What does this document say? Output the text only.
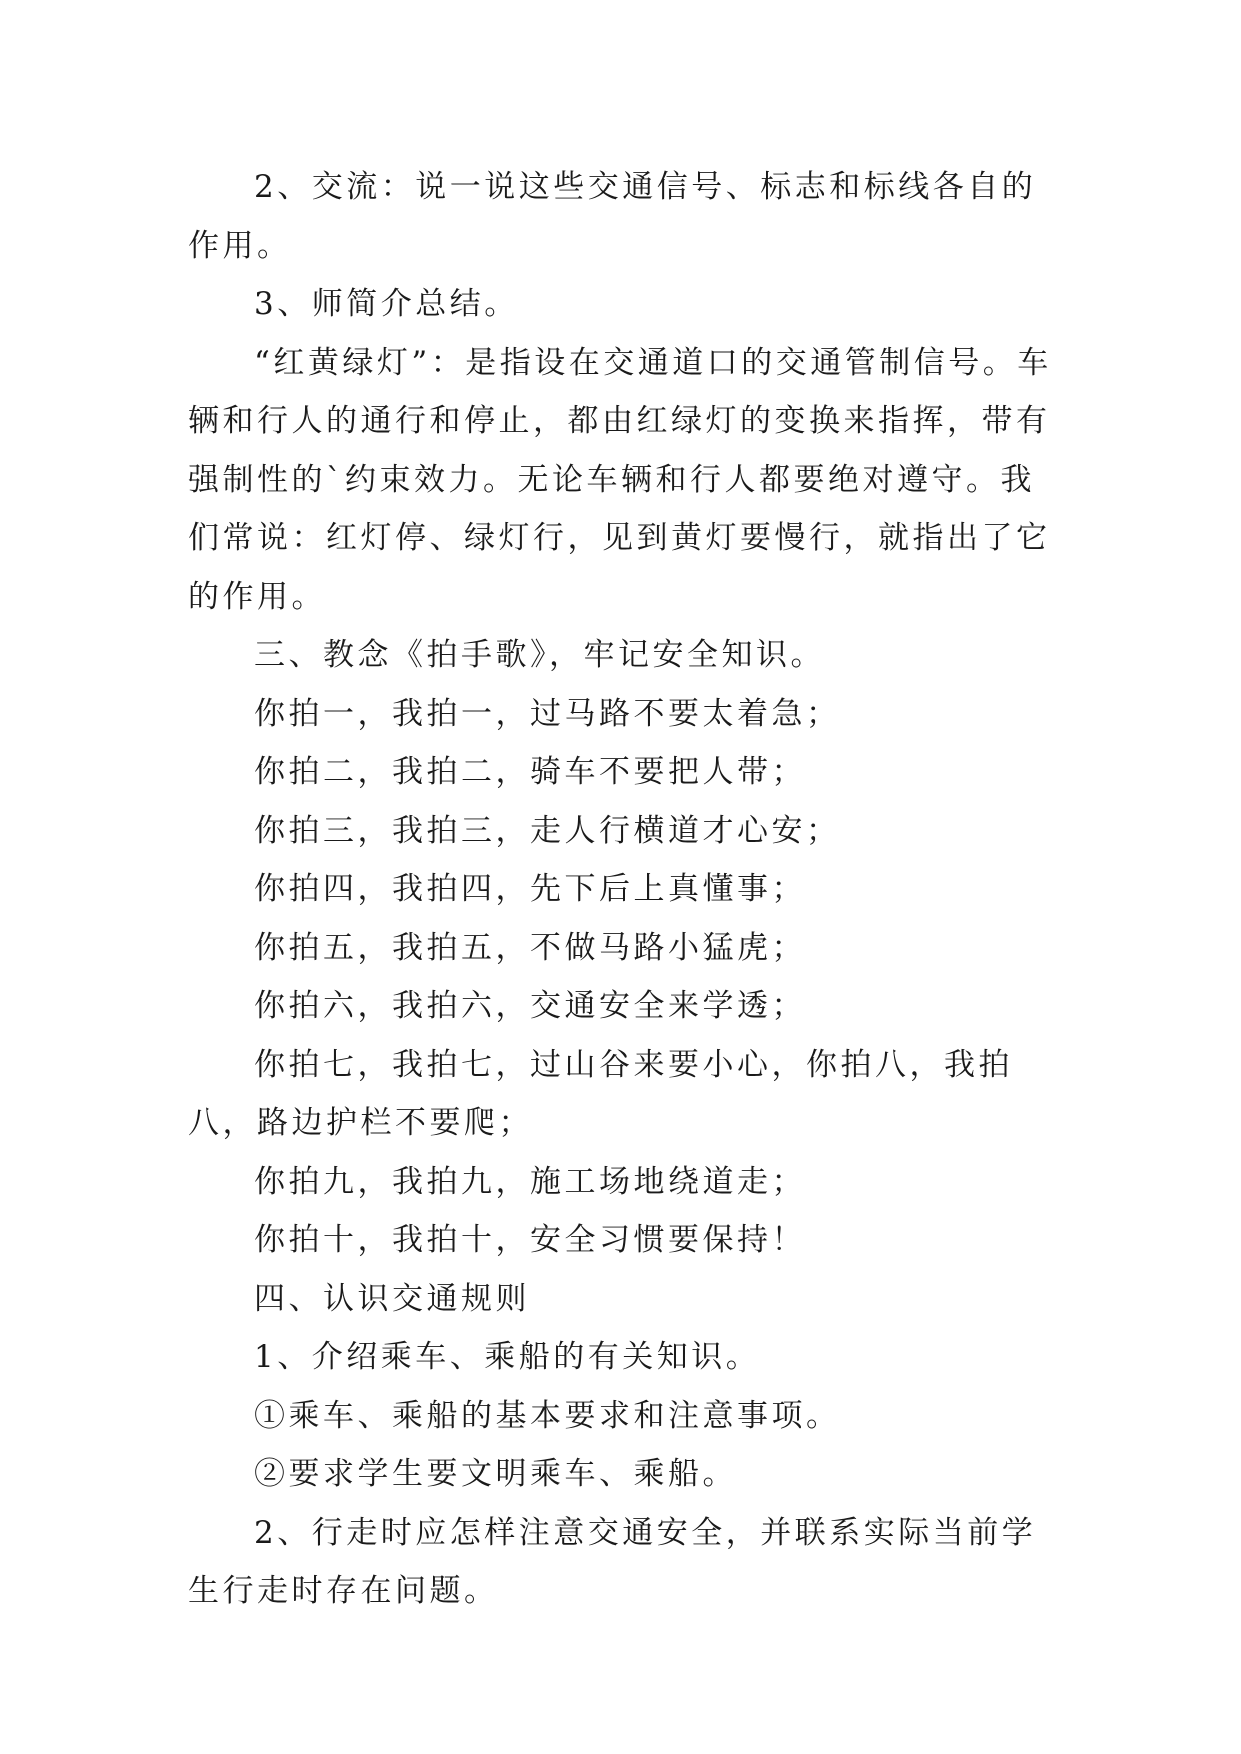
2、交流：说一说这些交通信号、标志和标线各自的作用。

3、师简介总结。

“红黄绿灯”：是指设在交通道口的交通管制信号。车辆和行人的通行和停止，都由红绿灯的变换来指挥，带有强制性的`约束效力。无论车辆和行人都要绝对遵守。我们常说：红灯停、绿灯行，见到黄灯要慢行，就指出了它的作用。

三、教念《拍手歌》，牢记安全知识。

你拍一，我拍一，过马路不要太着急；

你拍二，我拍二，骑车不要把人带；

你拍三，我拍三，走人行横道才心安；

你拍四，我拍四，先下后上真懂事；

你拍五，我拍五，不做马路小猛虎；

你拍六，我拍六，交通安全来学透；

你拍七，我拍七，过山谷来要小心，你拍八，我拍八，路边护栏不要爬；

你拍九，我拍九，施工场地绕道走；

你拍十，我拍十，安全习惯要保持！

四、认识交通规则

1、介绍乘车、乘船的有关知识。

①乘车、乘船的基本要求和注意事项。

②要求学生要文明乘车、乘船。

2、行走时应怎样注意交通安全，并联系实际当前学生行走时存在问题。
